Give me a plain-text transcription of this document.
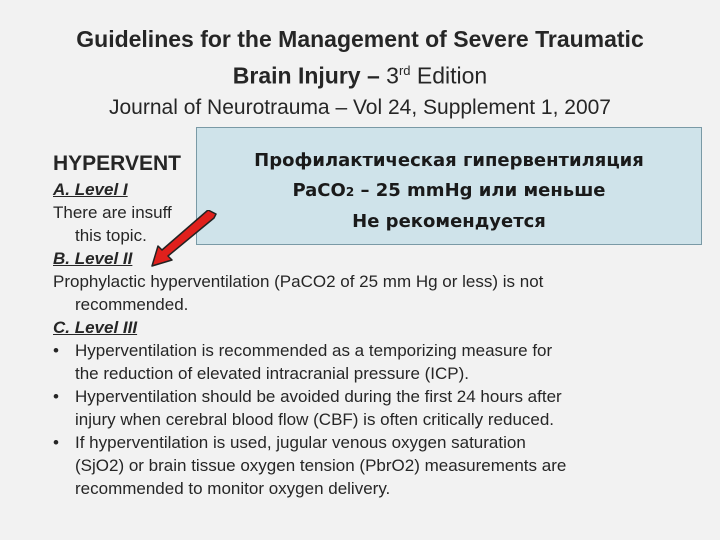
Guidelines for the Management of Severe Traumatic
Brain Injury – 3rd Edition
Journal of Neurotrauma – Vol 24, Supplement 1, 2007
HYPERVENT
A. Level I
There are insuff
this topic.
B. Level II
Prophylactic hyperventilation (PaCO2 of 25 mm Hg or less) is not
recommended.
C. Level III
• Hyperventilation is recommended as a temporizing measure for
the reduction of elevated intracranial pressure (ICP).
• Hyperventilation should be avoided during the first 24 hours after
injury when cerebral blood flow (CBF) is often critically reduced.
• If hyperventilation is used, jugular venous oxygen saturation
(SjO2) or brain tissue oxygen tension (PbrO2) measurements are
recommended to monitor oxygen delivery.
Профилактическая гипервентиляция
PaCO2 – 25 mmHg или меньше
Не рекомендуется
